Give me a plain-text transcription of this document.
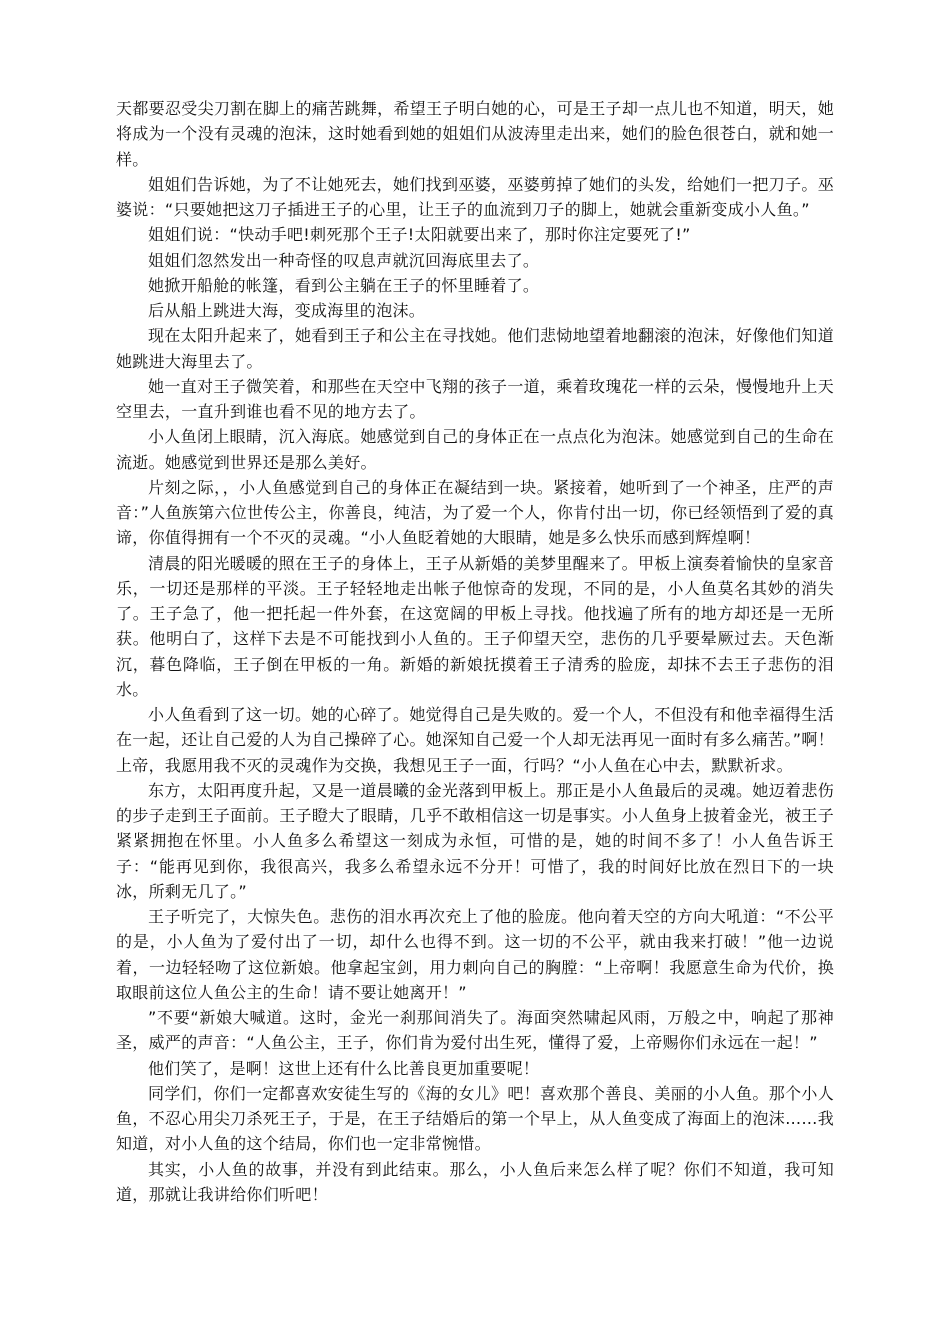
天都要忍受尖刀割在脚上的痛苦跳舞，希望王子明白她的心，可是王子却一点儿也不知道，明天，她将成为一个没有灵魂的泡沫，这时她看到她的姐姐们从波涛里走出来，她们的脸色很苍白，就和她一样。

姐姐们告诉她，为了不让她死去，她们找到巫婆，巫婆剪掉了她们的头发，给她们一把刀子。巫婆说：“只要她把这刀子插进王子的心里，让王子的血流到刀子的脚上，她就会重新变成小人鱼。”

姐姐们说：“快动手吧!刺死那个王子!太阳就要出来了，那时你注定要死了!”

姐姐们忽然发出一种奇怪的叹息声就沉回海底里去了。

她掀开船舱的帐篷，看到公主躺在王子的怀里睡着了。

后从船上跳进大海，变成海里的泡沫。

现在太阳升起来了，她看到王子和公主在寻找她。他们悲恸地望着地翻滚的泡沫，好像他们知道她跳进大海里去了。

她一直对王子微笑着，和那些在天空中飞翔的孩子一道，乘着玫瑰花一样的云朵，慢慢地升上天空里去，一直升到谁也看不见的地方去了。

小人鱼闭上眼睛，沉入海底。她感觉到自己的身体正在一点点化为泡沫。她感觉到自己的生命在流逝。她感觉到世界还是那么美好。

片刻之际，，小人鱼感觉到自己的身体正在凝结到一块。紧接着，她听到了一个神圣，庄严的声音：”人鱼族第六位世传公主，你善良，纯洁，为了爱一个人，你肯付出一切，你已经领悟到了爱的真谛，你值得拥有一个不灭的灵魂。“小人鱼眨着她的大眼睛，她是多么快乐而感到辉煌啊！

清晨的阳光暖暖的照在王子的身体上，王子从新婚的美梦里醒来了。甲板上演奏着愉快的皇家音乐，一切还是那样的平淡。王子轻轻地走出帐子他惊奇的发现，不同的是，小人鱼莫名其妙的消失了。王子急了，他一把托起一件外套，在这宽阔的甲板上寻找。他找遍了所有的地方却还是一无所获。他明白了，这样下去是不可能找到小人鱼的。王子仰望天空，悲伤的几乎要晕厥过去。天色渐沉，暮色降临，王子倒在甲板的一角。新婚的新娘抚摸着王子清秀的脸庞，却抹不去王子悲伤的泪水。

小人鱼看到了这一切。她的心碎了。她觉得自己是失败的。爱一个人，不但没有和他幸福得生活在一起，还让自己爱的人为自己操碎了心。她深知自己爱一个人却无法再见一面时有多么痛苦。”啊！上帝，我愿用我不灭的灵魂作为交换，我想见王子一面，行吗？“小人鱼在心中去，默默祈求。

东方，太阳再度升起，又是一道晨曦的金光落到甲板上。那正是小人鱼最后的灵魂。她迈着悲伤的步子走到王子面前。王子瞪大了眼睛，几乎不敢相信这一切是事实。小人鱼身上披着金光，被王子紧紧拥抱在怀里。小人鱼多么希望这一刻成为永恒，可惜的是，她的时间不多了！小人鱼告诉王子：“能再见到你，我很高兴，我多么希望永远不分开！可惜了，我的时间好比放在烈日下的一块冰，所剩无几了。”

王子听完了，大惊失色。悲伤的泪水再次充上了他的脸庞。他向着天空的方向大吼道：“不公平的是，小人鱼为了爱付出了一切，却什么也得不到。这一切的不公平，就由我来打破！”他一边说着，一边轻轻吻了这位新娘。他拿起宝剑，用力刺向自己的胸膛：“上帝啊！我愿意生命为代价，换取眼前这位人鱼公主的生命！请不要让她离开！”

”不要“新娘大喊道。这时，金光一刹那间消失了。海面突然啸起风雨，万般之中，响起了那神圣，威严的声音：“人鱼公主，王子，你们肯为爱付出生死，懂得了爱，上帝赐你们永远在一起！”

他们笑了，是啊！这世上还有什么比善良更加重要呢！

同学们，你们一定都喜欢安徒生写的《海的女儿》吧！喜欢那个善良、美丽的小人鱼。那个小人鱼，不忍心用尖刀杀死王子，于是，在王子结婚后的第一个早上，从人鱼变成了海面上的泡沫……我知道，对小人鱼的这个结局，你们也一定非常惋惜。

其实，小人鱼的故事，并没有到此结束。那么，小人鱼后来怎么样了呢？你们不知道，我可知道，那就让我讲给你们听吧！
